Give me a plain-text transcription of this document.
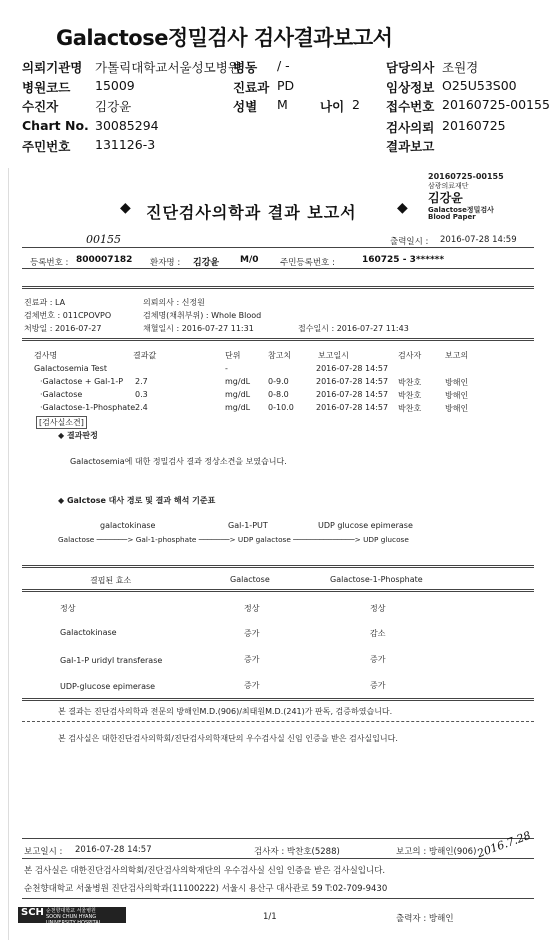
Galactose정밀검사 검사결과보고서
의뢰기관명 가톨릭대학교서울성모병원
병동 / -	담당의사 조원경
병원코드 15009	진료과 PD	임상정보 O25U53S00
수진자	김강윤	성별 M	나이 2 접수번호 20160725-00155
Chart No. 30085294	검사의뢰 20160725
주민번호 131126-3	결과보고
20160725-00155
삼광의료재단
김강윤
Galactose정밀검사
Blood Paper
◆ 진단검사의학과 결과 보고서	◆
00155	출력일시 : 2016-07-28 14:59
등록번호 : 800007182 환자명 : 김강윤 M/0	주민등록번호 :	160725 - 3******
진료과 : LA	의뢰의사 : 신정원
검체번호 : 011CPOVPO	검체명(채취부위) : Whole Blood
처방일 : 2016-07-27	채혈일시 : 2016-07-27 11:31	접수일시 : 2016-07-27 11:43
검사명	결과값	단위	참고치	보고일시	검사자	보고의
Galactosemia Test	-	2016-07-28 14:57
·Galactose + Gal-1-P 2.7	mg/dL 0-9.0	2016-07-28 14:57 박찬호	방해인
·Galactose	0.3	mg/dL 0-8.0	2016-07-28 14:57 박찬호	방해인
·Galactose-1-Phosphate 2.4	mg/dL 0-10.0	2016-07-28 14:57 박찬호	방해인
[검사실소견]
◆ 결과판정
Galactosemia에 대한 정밀검사 결과 정상소견을 보였습니다.
◆ Galctose 대사 경로 및 결과 해석 기준표
galactokinase	Gal-1-PUT	UDP glucose epimerase
Galactose ───────> Gal-1-phosphate ───────> UDP galactose ──────────────> UDP glucose
결핍된 효소	Galactose	Galactose-1-Phosphate
정상	정상	정상
Galactokinase	증가	감소
Gal-1-P uridyl transferase	증가	증가
UDP-glucose epimerase	증가	증가
본 결과는 진단검사의학과 전문의 방해인M.D.(906)/최태원M.D.(241)가 판독, 검증하였습니다.
본 검사실은 대한진단검사의학회/진단검사의학재단의 우수검사실 신임 인증을 받은 검사실입니다.
보고일시 : 2016-07-28 14:57	검사자 : 박찬호(5288)	보고의 : 방해인(906) 2016.7.28
본 검사실은 대한진단검사의학회/진단검사의학재단의 우수검사실 신임 인증을 받은 검사실입니다.
순천향대학교 서울병원 진단검사의학과(11100222) 서울시 용산구 대사관로 59 T:02-709-9430
SCH 순천향대학교 서울병원
SOON CHUN HYANG UNIVERSITY HOSPITAL
1/1	출력자 : 방해인
